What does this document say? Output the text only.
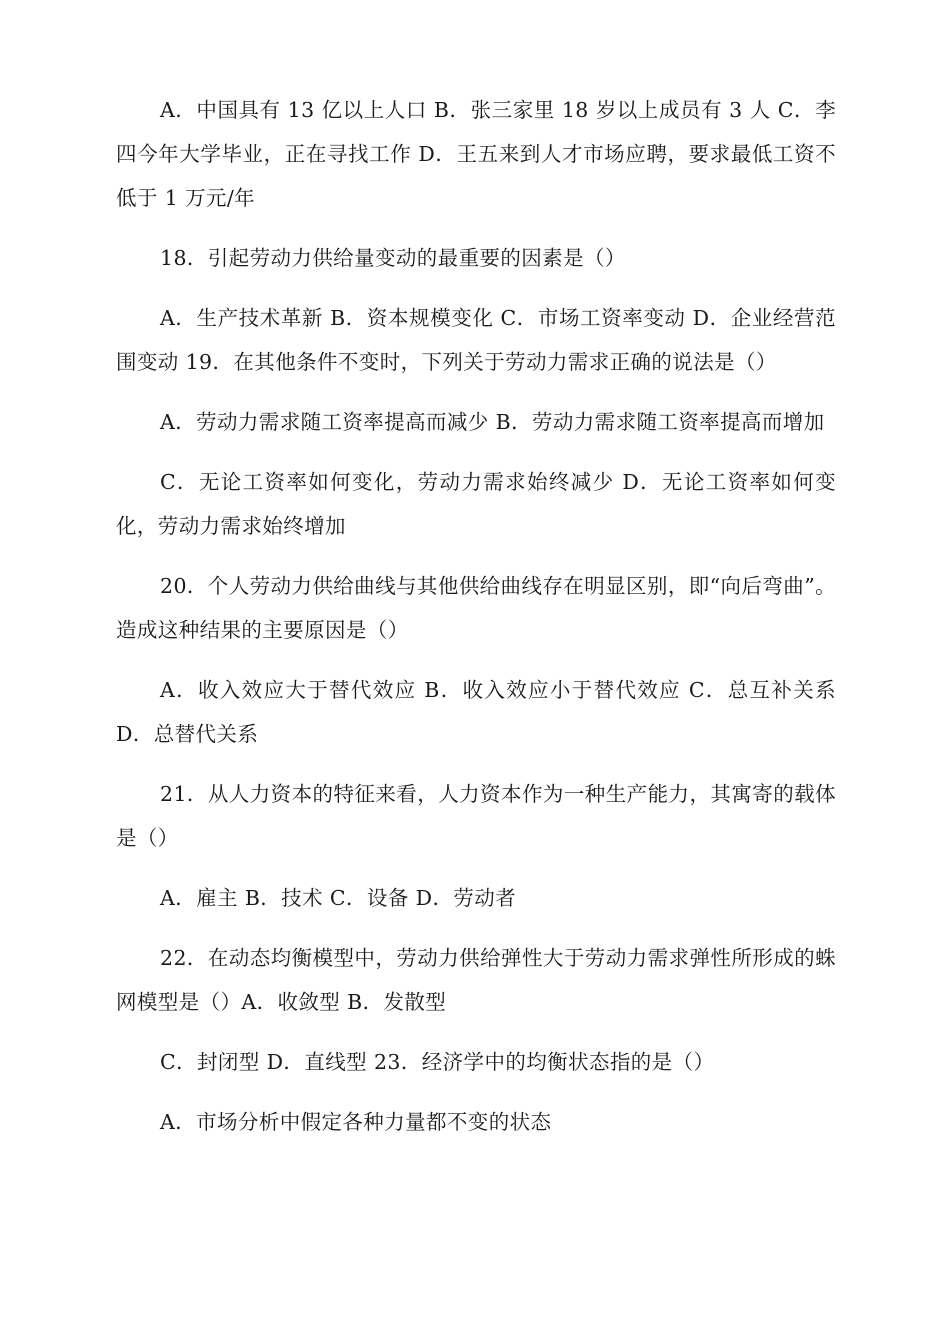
A．中国具有 13 亿以上人口 B．张三家里 18 岁以上成员有 3 人 C．李四今年大学毕业，正在寻找工作 D．王五来到人才市场应聘，要求最低工资不低于 1 万元/年

18．引起劳动力供给量变动的最重要的因素是（）

A．生产技术革新 B．资本规模变化 C．市场工资率变动 D．企业经营范围变动 19．在其他条件不变时，下列关于劳动力需求正确的说法是（）

A．劳动力需求随工资率提高而减少 B．劳动力需求随工资率提高而增加

C．无论工资率如何变化，劳动力需求始终减少 D．无论工资率如何变化，劳动力需求始终增加

20．个人劳动力供给曲线与其他供给曲线存在明显区别，即“向后弯曲”。造成这种结果的主要原因是（）

A．收入效应大于替代效应 B．收入效应小于替代效应 C．总互补关系 D．总替代关系

21．从人力资本的特征来看，人力资本作为一种生产能力，其寓寄的载体是（）

A．雇主 B．技术 C．设备 D．劳动者

22．在动态均衡模型中，劳动力供给弹性大于劳动力需求弹性所形成的蛛网模型是（）A．收敛型 B．发散型

C．封闭型 D．直线型 23．经济学中的均衡状态指的是（）

A．市场分析中假定各种力量都不变的状态
